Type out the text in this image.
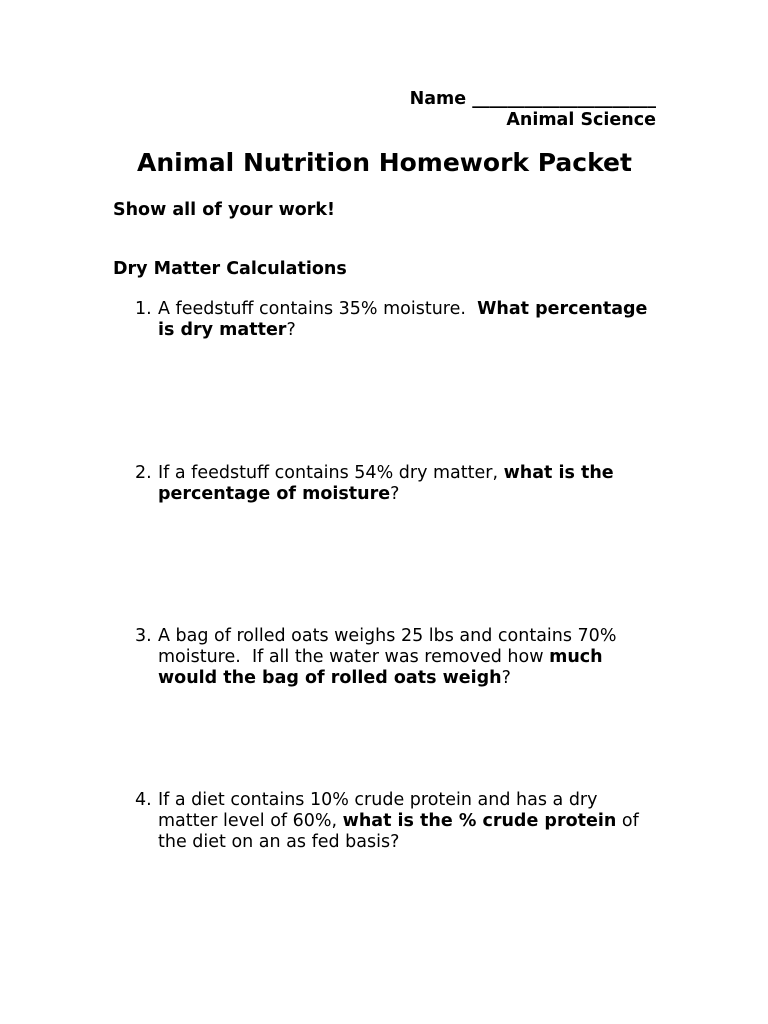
Name _____________________
Animal Science
Animal Nutrition Homework Packet

Show all of your work!

Dry Matter Calculations

1. A feedstuff contains 35% moisture.  What percentage is dry matter?
2. If a feedstuff contains 54% dry matter, what is the percentage of moisture?
3. A bag of rolled oats weighs 25 lbs and contains 70% moisture.  If all the water was removed how much would the bag of rolled oats weigh?
4. If a diet contains 10% crude protein and has a dry matter level of 60%, what is the % crude protein of the diet on an as fed basis?
